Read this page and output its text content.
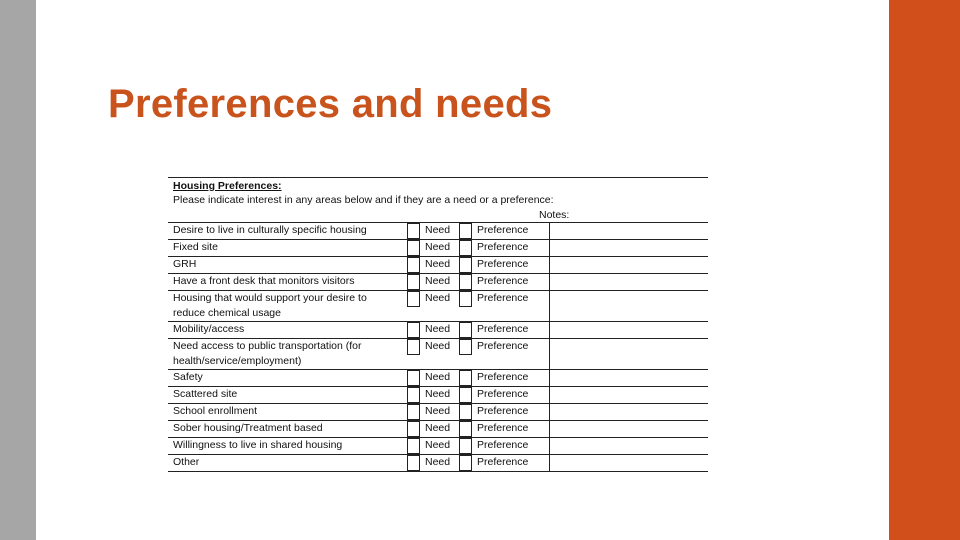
Preferences and needs
Housing Preferences:
Please indicate interest in any areas below and if they are a need or a preference:
Notes:
Desire to live in culturally specific housing			Need		Preference	

Fixed site			Need		Preference	

GRH			Need		Preference	

Have a front desk that monitors visitors			Need		Preference	

Housing that would support your desire to
reduce chemical usage			Need		Preference	

Mobility/access			Need		Preference	

Need access to public transportation (for
health/service/employment)			Need		Preference	

Safety			Need		Preference	

Scattered site			Need		Preference	

School enrollment			Need		Preference	

Sober housing/Treatment based			Need		Preference	

Willingness to live in shared housing			Need		Preference	

Other			Need		Preference	
